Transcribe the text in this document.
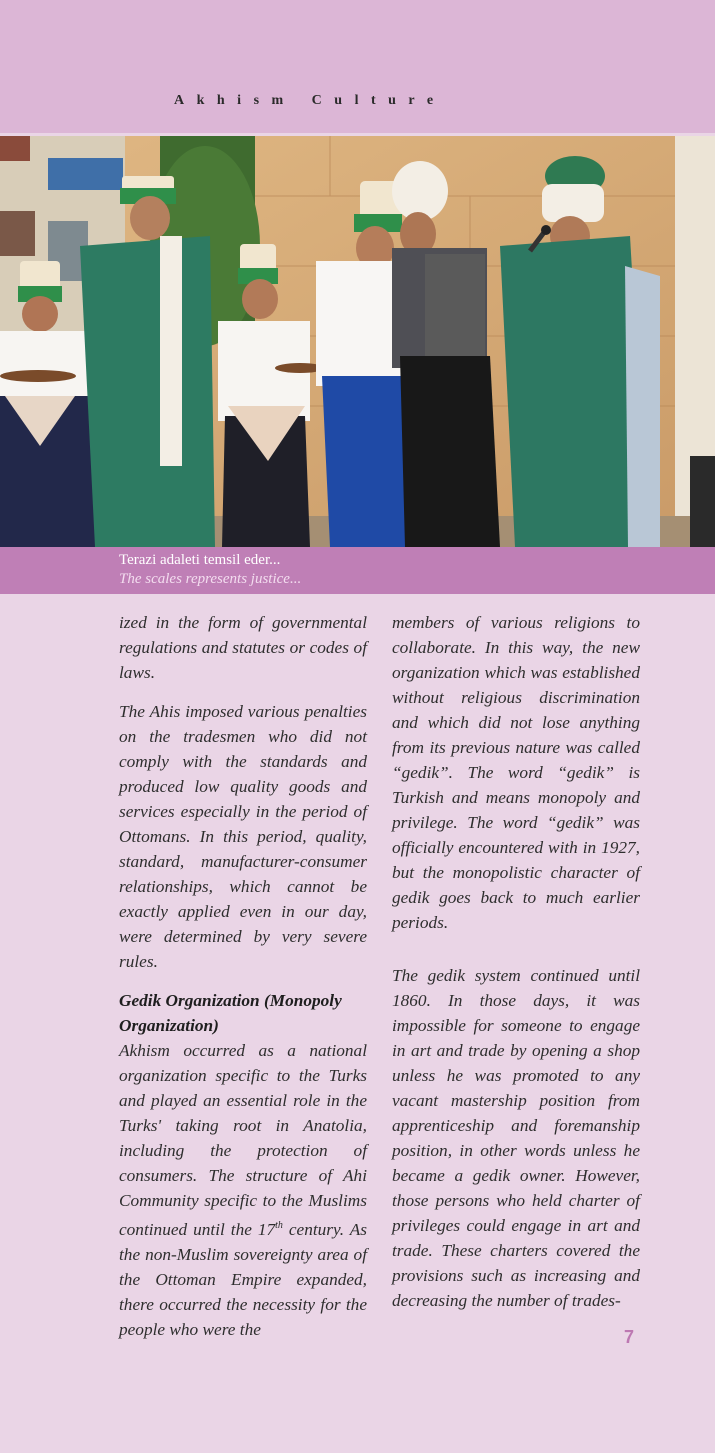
Akhism Culture

Terazi adaleti temsil eder...

The scales represents justice...

ized in the form of governmental regulations and statutes or codes of laws.

The Ahis imposed various penalties on the tradesmen who did not comply with the standards and produced low quality goods and services especially in the period of Ottomans. In this period, quality, standard, manufacturer-consumer relationships, which cannot be exactly applied even in our day, were determined by very severe rules.

Gedik Organization (Monopoly Organization)

Akhism occurred as a national organization specific to the Turks and played an essential role in the Turks' taking root in Anatolia, including the protection of consumers. The structure of Ahi Community specific to the Muslims continued until the 17th century. As the non-Muslim sovereignty area of the Ottoman Empire expanded, there occurred the necessity for the people who were the

members of various religions to collaborate. In this way, the new organization which was established without religious discrimination and which did not lose anything from its previous nature was called “gedik”. The word “gedik” is Turkish and means monopoly and privilege. The word “gedik” was officially encountered with in 1927, but the monopolistic character of gedik goes back to much earlier periods.

The gedik system continued until 1860. In those days, it was impossible for someone to engage in art and trade by opening a shop unless he was promoted to any vacant mastership position from apprenticeship and foremanship position, in other words unless he became a gedik owner. However, those persons who held charter of privileges could engage in art and trade. These charters covered the provisions such as increasing and decreasing the number of trades-

7
